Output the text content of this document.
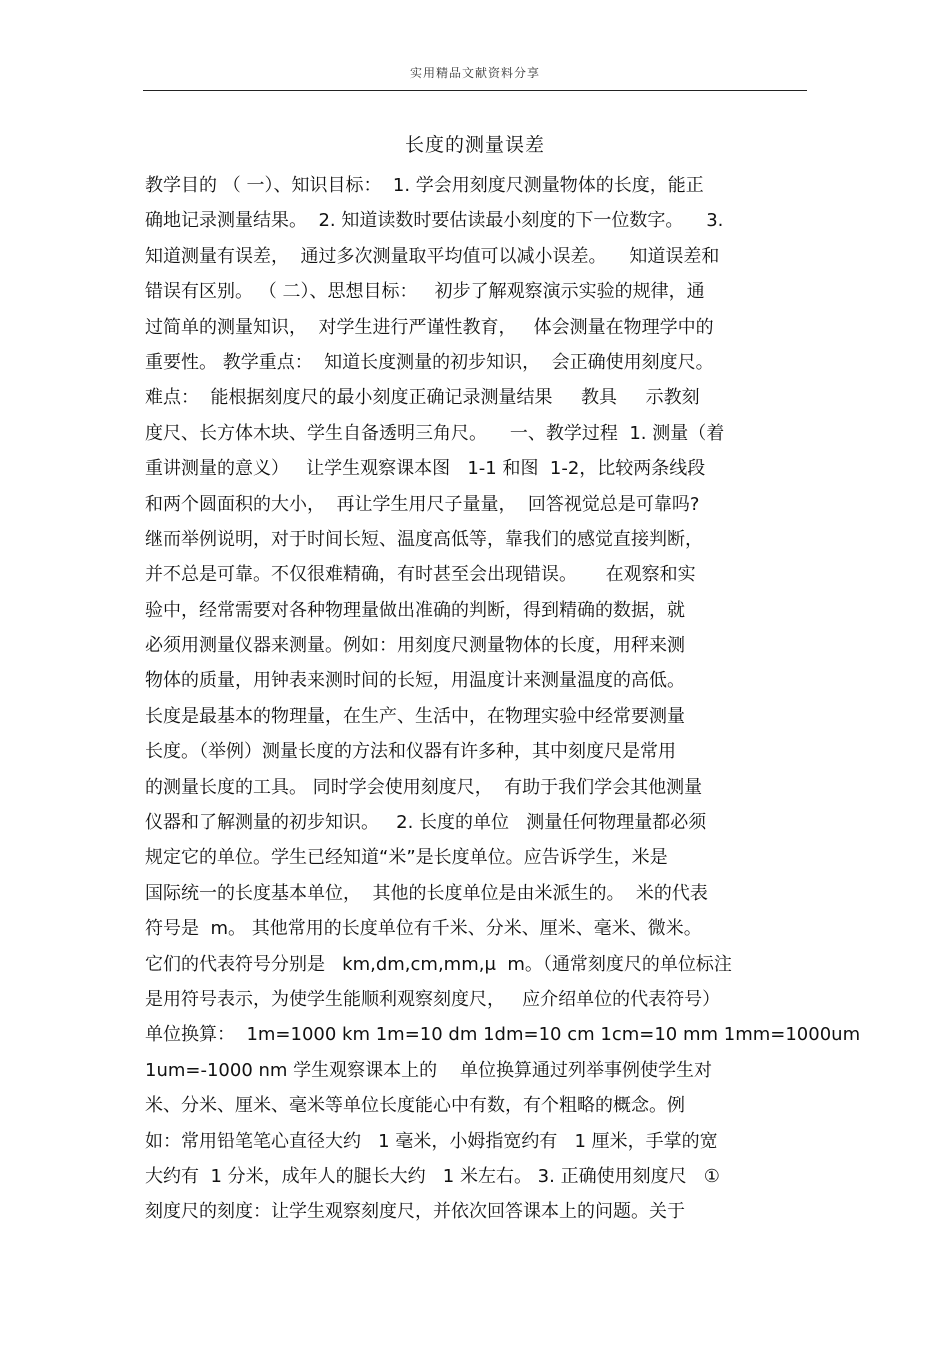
实用精品文献资料分享
长度的测量误差
教学目的 （ 一）、知识目标：  1. 学会用刻度尺测量物体的长度，能正
确地记录测量结果。  2. 知道读数时要估读最小刻度的下一位数字。    3.
知道测量有误差，  通过多次测量取平均值可以减小误差。    知道误差和
错误有区别。 （ 二）、思想目标：   初步了解观察演示实验的规律，通
过简单的测量知识，  对学生进行严谨性教育，   体会测量在物理学中的
重要性。 教学重点：  知道长度测量的初步知识，  会正确使用刻度尺。
难点：  能根据刻度尺的最小刻度正确记录测量结果     教具     示教刻
度尺、长方体木块、学生自备透明三角尺。    一、教学过程  1. 测量（着
重讲测量的意义）   让学生观察课本图   1-1 和图  1-2，比较两条线段
和两个圆面积的大小，  再让学生用尺子量量，  回答视觉总是可靠吗?
继而举例说明，对于时间长短、温度高低等，靠我们的感觉直接判断，
并不总是可靠。不仅很难精确，有时甚至会出现错误。     在观察和实
验中，经常需要对各种物理量做出准确的判断，得到精确的数据，就
必须用测量仪器来测量。例如：用刻度尺测量物体的长度，用秤来测
物体的质量，用钟表来测时间的长短，用温度计来测量温度的高低。
长度是最基本的物理量，在生产、生活中，在物理实验中经常要测量
长度。（举例）测量长度的方法和仪器有许多种，其中刻度尺是常用
的测量长度的工具。 同时学会使用刻度尺，  有助于我们学会其他测量
仪器和了解测量的初步知识。   2. 长度的单位   测量任何物理量都必须
规定它的单位。学生已经知道“米”是长度单位。应告诉学生，米是
国际统一的长度基本单位，  其他的长度单位是由米派生的。  米的代表
符号是  m。 其他常用的长度单位有千米、分米、厘米、毫米、微米。
它们的代表符号分别是   km,dm,cm,mm,μ  m。（通常刻度尺的单位标注
是用符号表示，为使学生能顺利观察刻度尺，   应介绍单位的代表符号）
单位换算：  1m=1000 km 1m=10 dm 1dm=10 cm 1cm=10 mm 1mm=1000um
1um=-1000 nm 学生观察课本上的    单位换算通过列举事例使学生对
米、分米、厘米、毫米等单位长度能心中有数，有个粗略的概念。例
如：常用铅笔笔心直径大约   1 毫米，小姆指宽约有   1 厘米，手掌的宽
大约有  1 分米，成年人的腿长大约   1 米左右。 3. 正确使用刻度尺   ①
刻度尺的刻度：让学生观察刻度尺，并依次回答课本上的问题。关于
